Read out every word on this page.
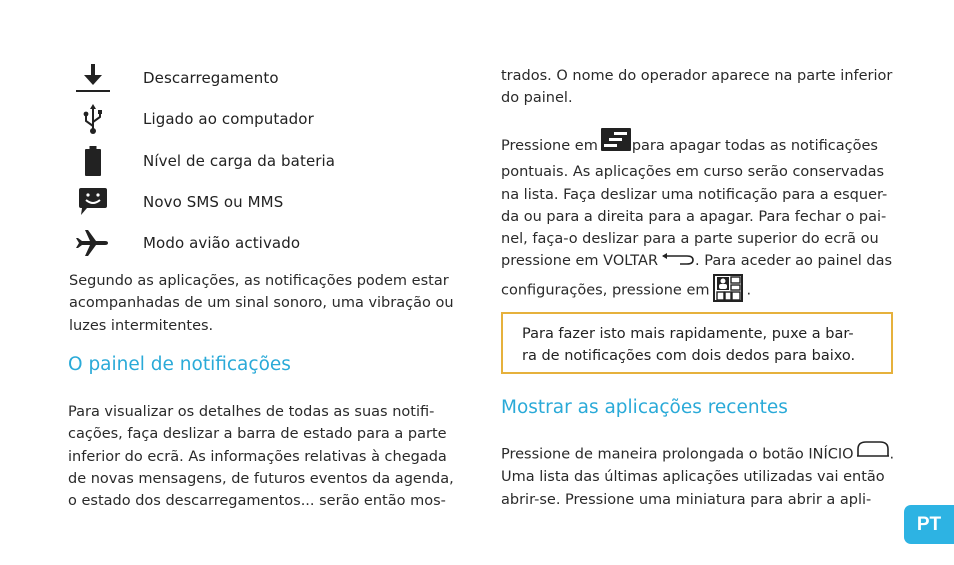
Descarregamento
Ligado ao computador
Nível de carga da bateria
Novo SMS ou MMS
Modo avião activado
Segundo as aplicações, as notificações podem estar
acompanhadas de um sinal sonoro, uma vibração ou
luzes intermitentes.
O painel de notificações
Para visualizar os detalhes de todas as suas notifi-
cações, faça deslizar a barra de estado para a parte
inferior do ecrã. As informações relativas à chegada
de novas mensagens, de futuros eventos da agenda,
o estado dos descarregamentos... serão então mos-
trados. O nome do operador aparece na parte inferior
do painel.
Pressione em para apagar todas as notificações
pontuais. As aplicações em curso serão conservadas
na lista. Faça deslizar uma notificação para a esquer-
da ou para a direita para a apagar. Para fechar o pai-
nel, faça-o deslizar para a parte superior do ecrã ou
pressione em VOLTAR	. Para aceder ao painel das
configurações, pressione em	.

Para fazer isto mais rapidamente, puxe a bar-
ra de notificações com dois dedos para baixo.

Mostrar as aplicações recentes
Pressione de maneira prolongada o botão INÍCIO .
Uma lista das últimas aplicações utilizadas vai então
abrir-se. Pressione uma miniatura para abrir a apli-
PT
